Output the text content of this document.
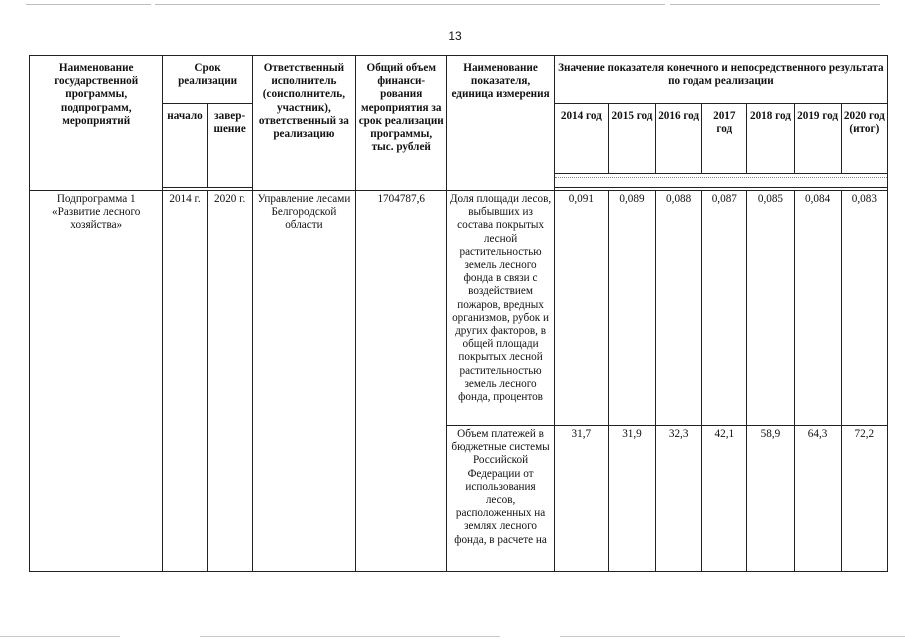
13
Наименование государственной программы, подпрограмм, мероприятий	Срок реализации		Ответственный исполнитель (соисполнитель, участник), ответственный за реализацию	Общий объем финанси-рования мероприятия за срок реализации программы, тыс. рублей	Наименование показателя, единица измерения	Значение показателя конечного и непосредственного результата по годам реализации						
	начало	завер-шение				2014 год	2015 год	2016 год	2017 год	2018 год	2019 год	2020 год (итог)

Подпрограмма 1 «Развитие лесного хозяйства»	2014 г.	2020 г.	Управление лесами Белгородской области	1704787,6	Доля площади лесов, выбывших из состава покрытых лесной растительностью земель лесного фонда в связи с воздействием пожаров, вредных организмов, рубок и других факторов, в общей площади покрытых лесной растительностью земель лесного фонда, процентов	0,091	0,089	0,088	0,087	0,085	0,084	0,083
					Объем платежей в бюджетные системы Российской Федерации от использования лесов, расположенных на землях лесного фонда, в расчете на	31,7	31,9	32,3	42,1	58,9	64,3	72,2
